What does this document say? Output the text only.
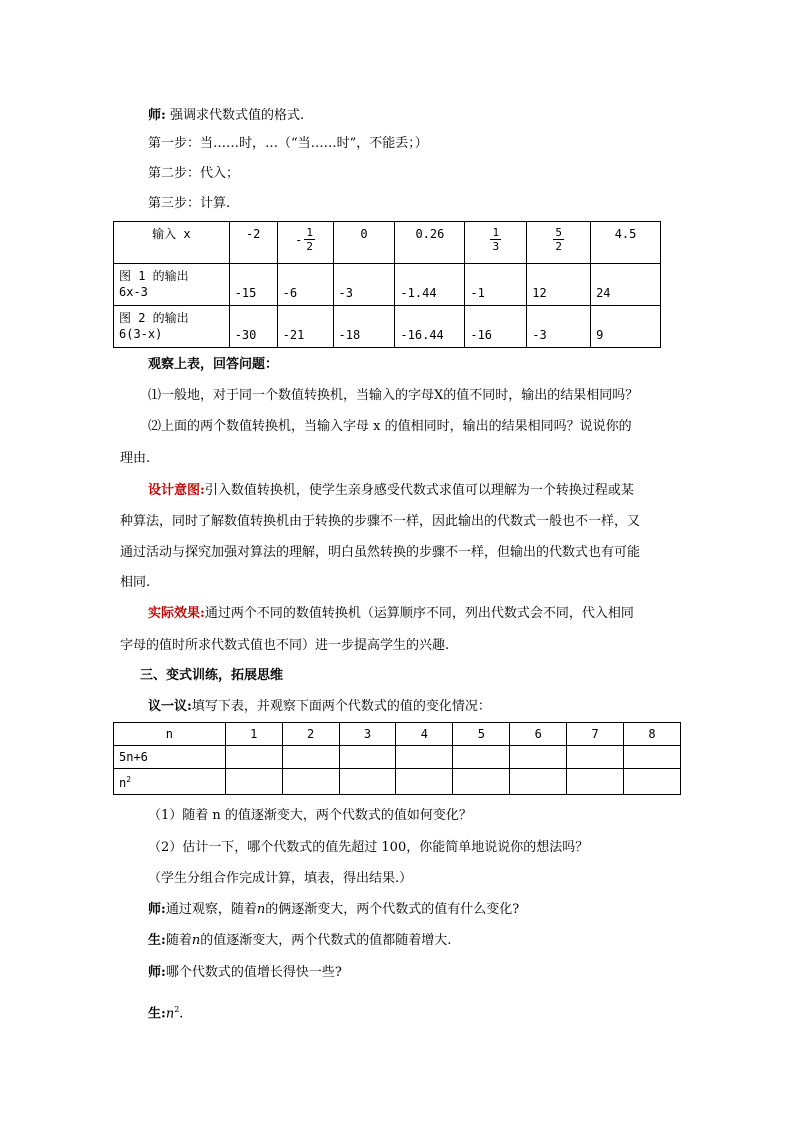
师: 强调求代数式值的格式.
第一步：当……时，…（“当……时”，不能丢；）
第二步：代入；
第三步：计算.
输入 x	-2	- $\frac{1}{2}$	0	0.26	$\frac{1}{3}$	$\frac{5}{2}$	4.5

图 1 的输出
6x-3	-15	-6	-3	-1.44	-1	12	24

图 2 的输出
6(3-x)	-30	-21	-18	-16.44	-16	-3	9
观察上表，回答问题：
⑴一般地，对于同一个数值转换机，当输入的字母X的值不同时，输出的结果相同吗？
⑵上面的两个数值转换机，当输入字母 x 的值相同时，输出的结果相同吗？说说你的
理由.
设计意图:引入数值转换机，使学生亲身感受代数式求值可以理解为一个转换过程或某
种算法，同时了解数值转换机由于转换的步骤不一样，因此输出的代数式一般也不一样，又
通过活动与探究加强对算法的理解，明白虽然转换的步骤不一样，但输出的代数式也有可能
相同.
实际效果:通过两个不同的数值转换机（运算顺序不同，列出代数式会不同，代入相同
字母的值时所求代数式值也不同）进一步提高学生的兴趣.
三、变式训练，拓展思维
议一议:填写下表，并观察下面两个代数式的值的变化情况：
n	1	2	3	4	5	6	7	8
5n+6								
$n^2$								
（1）随着 n 的值逐渐变大，两个代数式的值如何变化？
（2）估计一下，哪个代数式的值先超过 100，你能简单地说说你的想法吗？
（学生分组合作完成计算，填表，得出结果.）
师:通过观察，随着n的俩逐渐变大，两个代数式的值有什么变化?
生:随着n的值逐渐变大，两个代数式的值都随着增大.
师:哪个代数式的值增长得快一些?
生$:n^2$.
